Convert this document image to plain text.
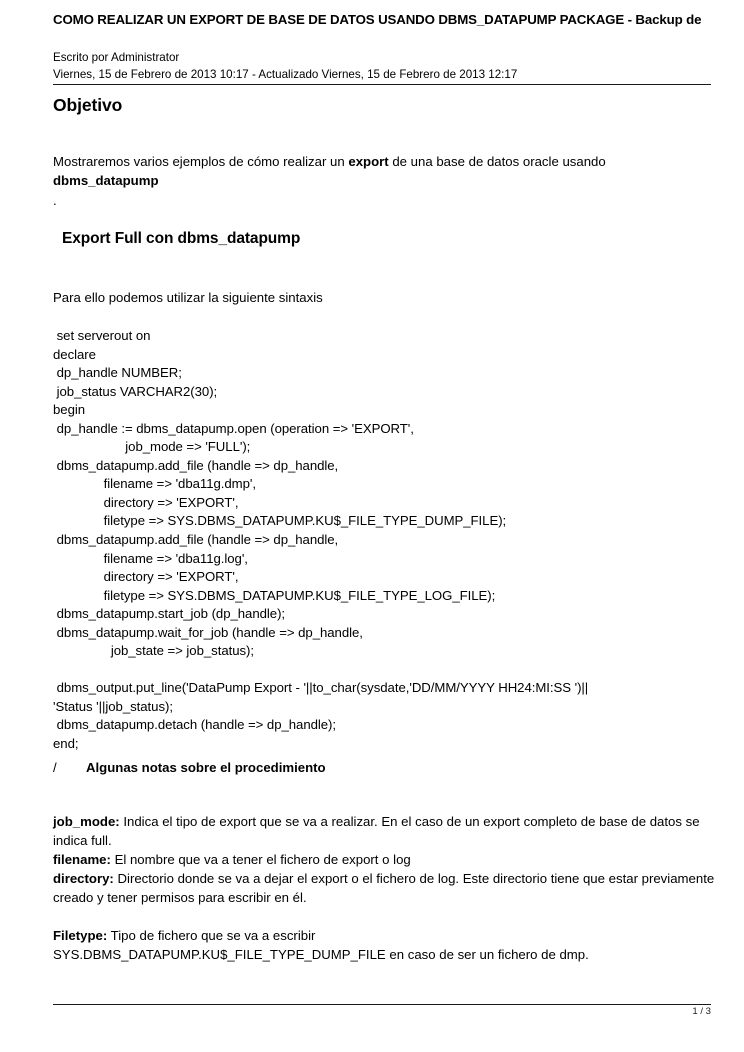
COMO REALIZAR UN EXPORT DE BASE DE DATOS USANDO DBMS_DATAPUMP PACKAGE - Backup de
Escrito por Administrator
Viernes, 15 de Febrero de 2013 10:17 - Actualizado Viernes, 15 de Febrero de 2013 12:17
Objetivo
Mostraremos varios ejemplos de cómo realizar un export de una base de datos oracle usando dbms_datapump
.
Export Full con dbms_datapump
Para ello podemos utilizar la siguiente sintaxis
set serverout on
declare
dp_handle NUMBER;
job_status VARCHAR2(30);
begin
dp_handle := dbms_datapump.open (operation => 'EXPORT',
job_mode => 'FULL');
dbms_datapump.add_file (handle => dp_handle,
filename => 'dba11g.dmp',
directory => 'EXPORT',
filetype => SYS.DBMS_DATAPUMP.KU$_FILE_TYPE_DUMP_FILE);
dbms_datapump.add_file (handle => dp_handle,
filename => 'dba11g.log',
directory => 'EXPORT',
filetype => SYS.DBMS_DATAPUMP.KU$_FILE_TYPE_LOG_FILE);
dbms_datapump.start_job (dp_handle);
dbms_datapump.wait_for_job (handle => dp_handle,
job_state => job_status);

dbms_output.put_line('DataPump Export - '||to_char(sysdate,'DD/MM/YYYY HH24:MI:SS ')||
'Status '||job_status);
dbms_datapump.detach (handle => dp_handle);
end;
/ Algunas notas sobre el procedimiento
job_mode: Indica el tipo de export que se va a realizar. En el caso de un export completo de base de datos se indica full.
filename: El nombre que va a tener el fichero de export o log
directory: Directorio donde se va a dejar el export o el fichero de log. Este directorio tiene que estar previamente creado y tener permisos para escribir en él.
Filetype: Tipo de fichero que se va a escribir
SYS.DBMS_DATAPUMP.KU$_FILE_TYPE_DUMP_FILE en caso de ser un fichero de dmp.
1 / 3
